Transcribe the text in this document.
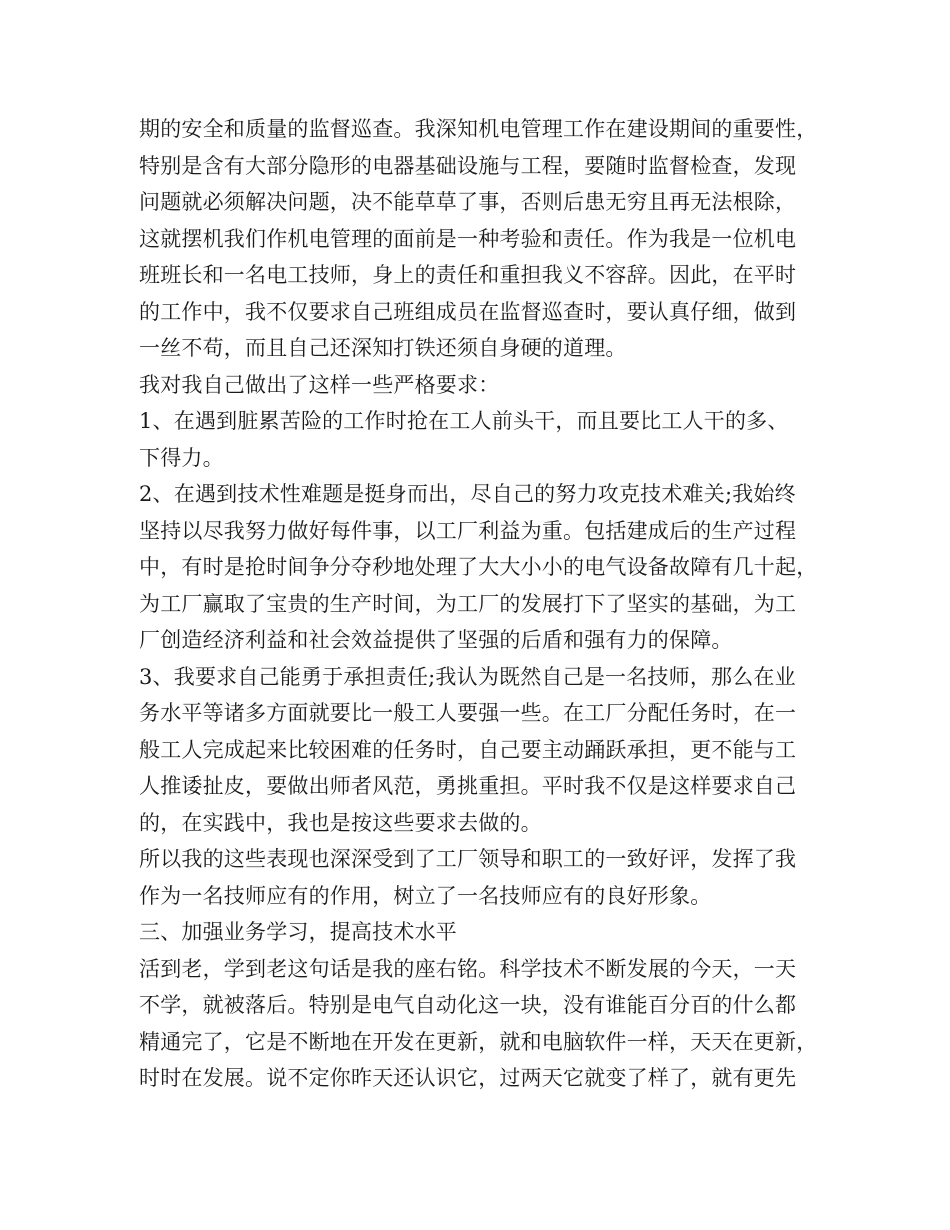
期的安全和质量的监督巡查。我深知机电管理工作在建设期间的重要性，
特别是含有大部分隐形的电器基础设施与工程，要随时监督检查，发现
问题就必须解决问题，决不能草草了事，否则后患无穷且再无法根除，
这就摆机我们作机电管理的面前是一种考验和责任。作为我是一位机电
班班长和一名电工技师，身上的责任和重担我义不容辞。因此，在平时
的工作中，我不仅要求自己班组成员在监督巡查时，要认真仔细，做到
一丝不苟，而且自己还深知打铁还须自身硬的道理。
我对我自己做出了这样一些严格要求：
1、在遇到脏累苦险的工作时抢在工人前头干，而且要比工人干的多、
下得力。
2、在遇到技术性难题是挺身而出，尽自己的努力攻克技术难关;我始终
坚持以尽我努力做好每件事，以工厂利益为重。包括建成后的生产过程
中，有时是抢时间争分夺秒地处理了大大小小的电气设备故障有几十起，
为工厂赢取了宝贵的生产时间，为工厂的发展打下了坚实的基础，为工
厂创造经济利益和社会效益提供了坚强的后盾和强有力的保障。
3、我要求自己能勇于承担责任;我认为既然自己是一名技师，那么在业
务水平等诸多方面就要比一般工人要强一些。在工厂分配任务时，在一
般工人完成起来比较困难的任务时，自己要主动踊跃承担，更不能与工
人推诿扯皮，要做出师者风范，勇挑重担。平时我不仅是这样要求自己
的，在实践中，我也是按这些要求去做的。
所以我的这些表现也深深受到了工厂领导和职工的一致好评，发挥了我
作为一名技师应有的作用，树立了一名技师应有的良好形象。
三、加强业务学习，提高技术水平
活到老，学到老这句话是我的座右铭。科学技术不断发展的今天，一天
不学，就被落后。特别是电气自动化这一块，没有谁能百分百的什么都
精通完了，它是不断地在开发在更新，就和电脑软件一样，天天在更新，
时时在发展。说不定你昨天还认识它，过两天它就变了样了，就有更先
